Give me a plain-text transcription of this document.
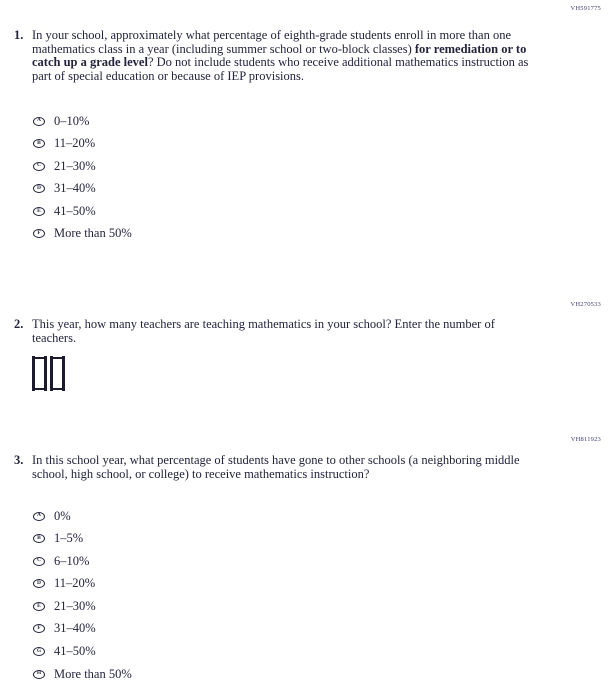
VH591775
1. In your school, approximately what percentage of eighth-grade students enroll in more than one mathematics class in a year (including summer school or two-block classes) for remediation or to catch up a grade level? Do not include students who receive additional mathematics instruction as part of special education or because of IEP provisions.
A 0–10%
B 11–20%
C 21–30%
D 31–40%
E 41–50%
F More than 50%
VH270533
2. This year, how many teachers are teaching mathematics in your school? Enter the number of teachers.
VH811923
3. In this school year, what percentage of students have gone to other schools (a neighboring middle school, high school, or college) to receive mathematics instruction?
A 0%
B 1–5%
C 6–10%
D 11–20%
E 21–30%
F 31–40%
G 41–50%
H More than 50%
